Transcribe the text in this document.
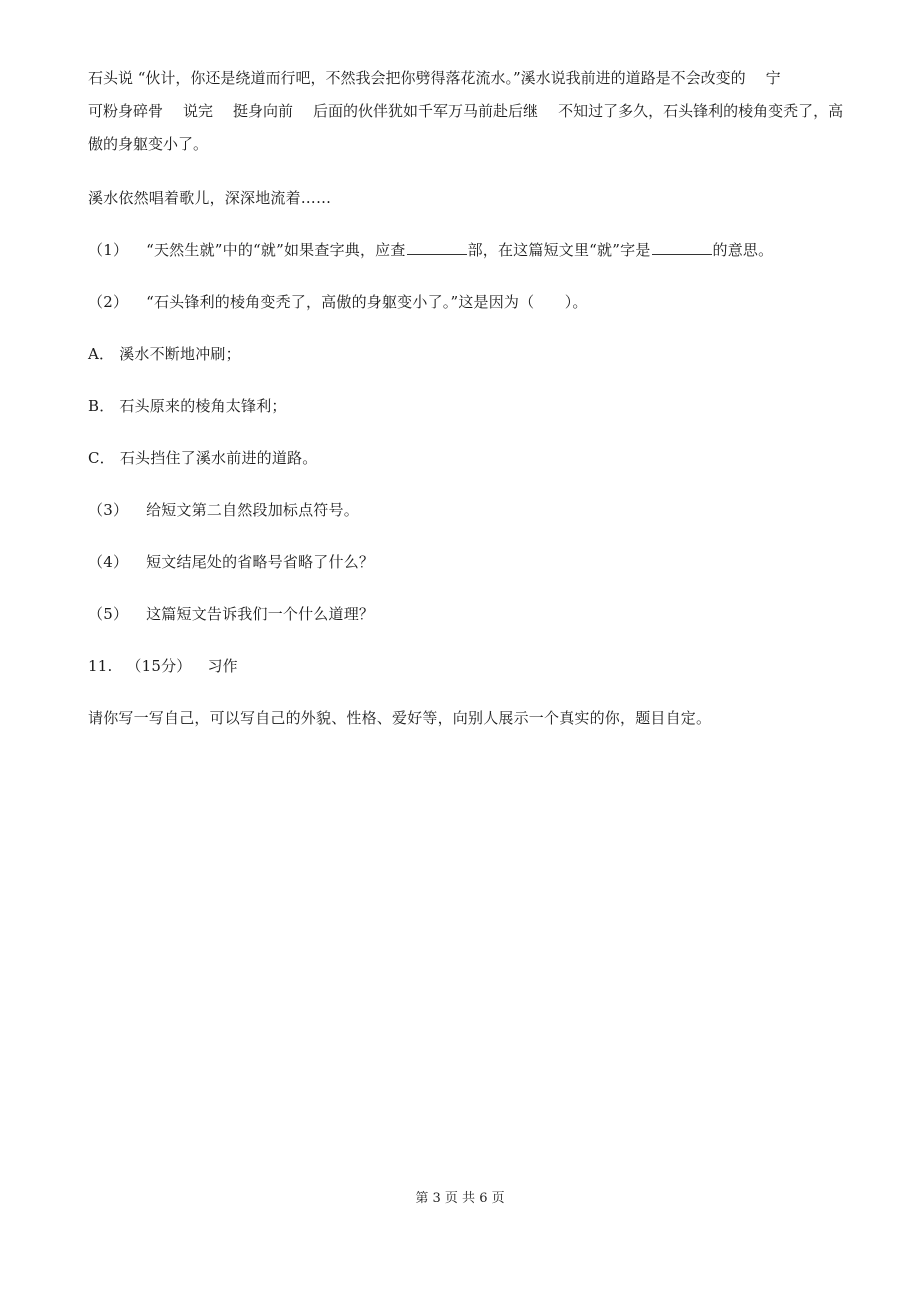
石头说 “伙计，你还是绕道而行吧，不然我会把你劈得落花流水。”溪水说我前进的道路是不会改变的 宁
可粉身碎骨 说完 挺身向前 后面的伙伴犹如千军万马前赴后继 不知过了多久，石头锋利的棱角变秃了，高
傲的身躯变小了。
溪水依然唱着歌儿，深深地流着……
（1） “天然生就”中的“就”如果查字典，应查	部，在这篇短文里“就”字是	的意思。
（2） “石头锋利的棱角变秃了，高傲的身躯变小了。”这是因为（　　）。
A． 溪水不断地冲刷；
B． 石头原来的棱角太锋利；
C． 石头挡住了溪水前进的道路。
（3） 给短文第二自然段加标点符号。
（4） 短文结尾处的省略号省略了什么？
（5） 这篇短文告诉我们一个什么道理？
11. （15分） 习作
请你写一写自己，可以写自己的外貌、性格、爱好等，向别人展示一个真实的你，题目自定。
第 3 页 共 6 页
